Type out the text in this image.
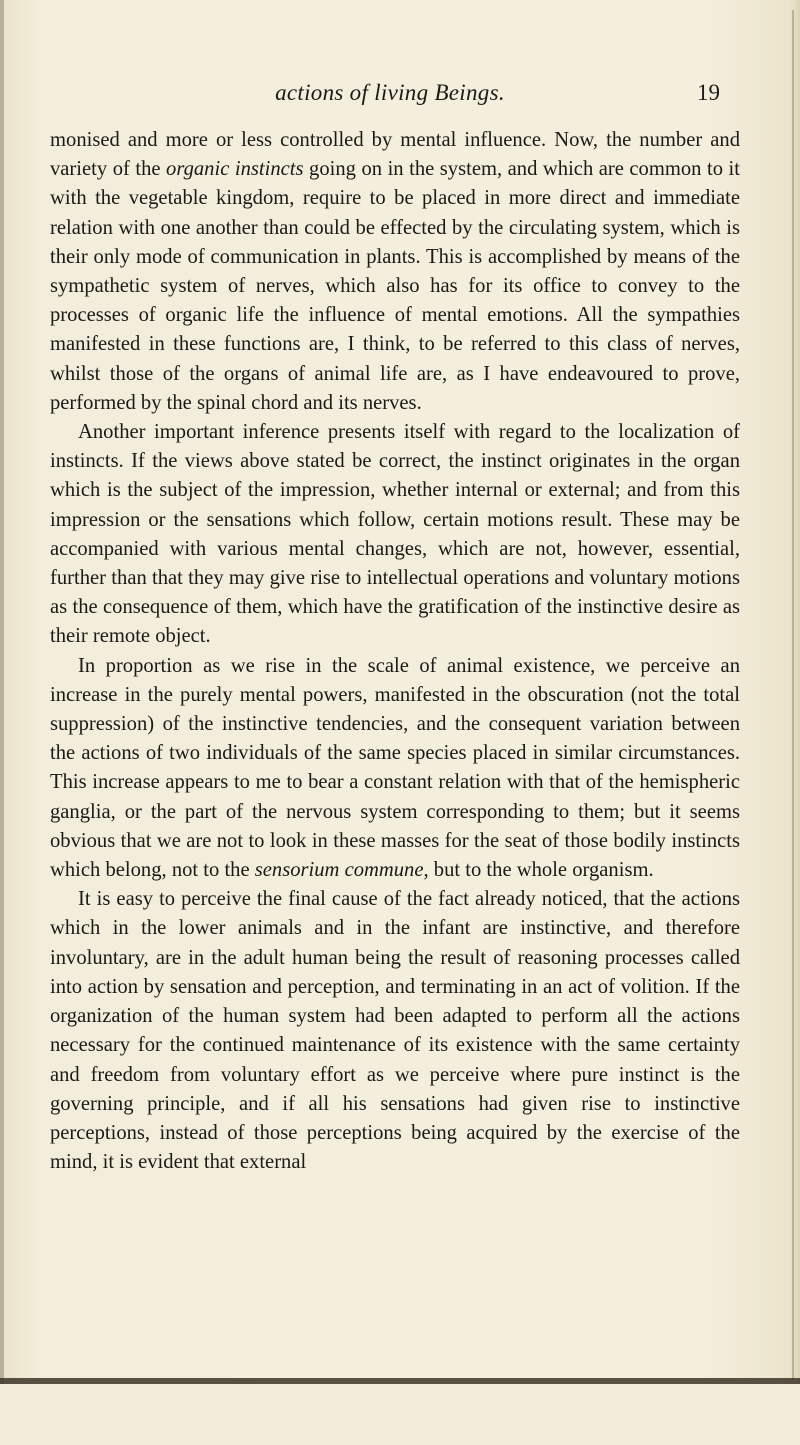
actions of living Beings.	19

monised and more or less controlled by mental influence. Now, the number and variety of the organic instincts going on in the system, and which are common to it with the vegetable kingdom, require to be placed in more direct and immediate relation with one another than could be effected by the circulating system, which is their only mode of communication in plants. This is accomplished by means of the sympathetic system of nerves, which also has for its office to convey to the processes of organic life the influence of mental emotions. All the sympathies manifested in these functions are, I think, to be referred to this class of nerves, whilst those of the organs of animal life are, as I have endeavoured to prove, performed by the spinal chord and its nerves.

Another important inference presents itself with regard to the localization of instincts. If the views above stated be correct, the instinct originates in the organ which is the subject of the impression, whether internal or external; and from this impression or the sensations which follow, certain motions result. These may be accompanied with various mental changes, which are not, however, essential, further than that they may give rise to intellectual operations and voluntary motions as the consequence of them, which have the gratification of the instinctive desire as their remote object.

In proportion as we rise in the scale of animal existence, we perceive an increase in the purely mental powers, manifested in the obscuration (not the total suppression) of the instinctive tendencies, and the consequent variation between the actions of two individuals of the same species placed in similar circumstances. This increase appears to me to bear a constant relation with that of the hemispheric ganglia, or the part of the nervous system corresponding to them; but it seems obvious that we are not to look in these masses for the seat of those bodily instincts which belong, not to the sensorium commune, but to the whole organism.

It is easy to perceive the final cause of the fact already noticed, that the actions which in the lower animals and in the infant are instinctive, and therefore involuntary, are in the adult human being the result of reasoning processes called into action by sensation and perception, and terminating in an act of volition. If the organization of the human system had been adapted to perform all the actions necessary for the continued maintenance of its existence with the same certainty and freedom from voluntary effort as we perceive where pure instinct is the governing principle, and if all his sensations had given rise to instinctive perceptions, instead of those perceptions being acquired by the exercise of the mind, it is evident that external
